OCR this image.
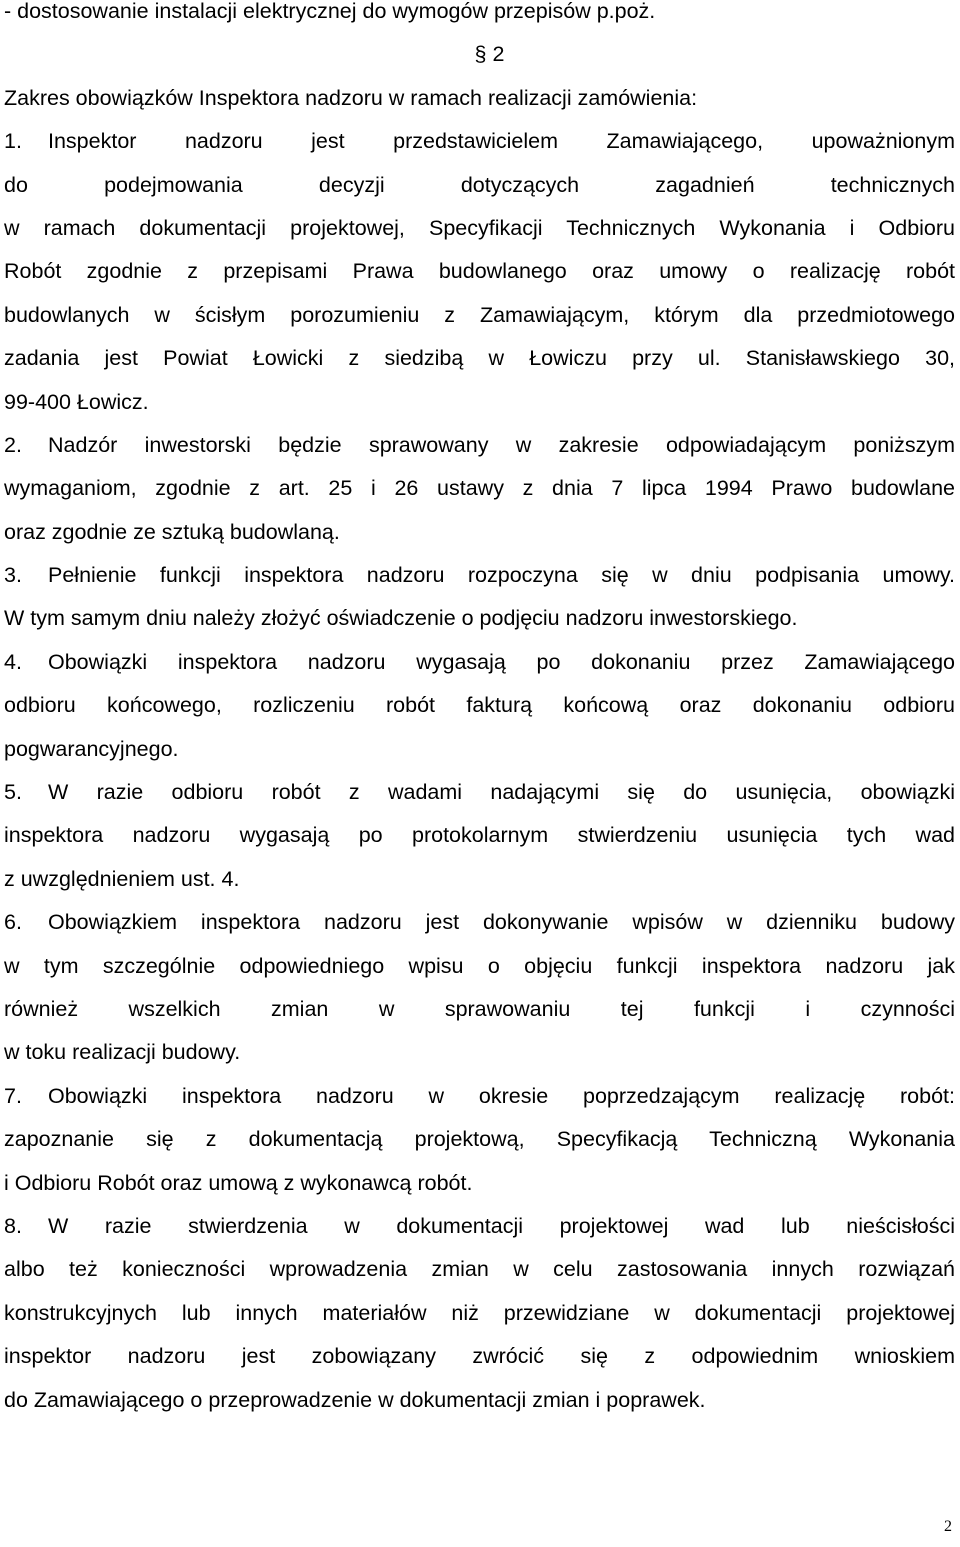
- dostosowanie instalacji elektrycznej do wymogów przepisów p.poż.
§ 2
Zakres obowiązków Inspektora nadzoru w ramach realizacji zamówienia:
1.	Inspektor nadzoru jest przedstawicielem Zamawiającego, upoważnionym
do podejmowania decyzji dotyczących zagadnień technicznych
w ramach dokumentacji projektowej, Specyfikacji Technicznych Wykonania i Odbioru
Robót zgodnie z przepisami Prawa budowlanego oraz umowy o realizację robót
budowlanych w ścisłym porozumieniu z Zamawiającym, którym dla przedmiotowego
zadania jest Powiat Łowicki z siedzibą w Łowiczu przy ul. Stanisławskiego 30,
99-400 Łowicz.
2.	Nadzór inwestorski będzie sprawowany w zakresie odpowiadającym poniższym
wymaganiom, zgodnie z art. 25 i 26 ustawy z dnia 7 lipca 1994 Prawo budowlane
oraz zgodnie ze sztuką budowlaną.
3.	Pełnienie funkcji inspektora nadzoru rozpoczyna się w dniu podpisania umowy.
W tym samym dniu należy złożyć oświadczenie o podjęciu nadzoru inwestorskiego.
4.	Obowiązki inspektora nadzoru wygasają po dokonaniu przez Zamawiającego
odbioru końcowego, rozliczeniu robót fakturą końcową oraz dokonaniu odbioru
pogwarancyjnego.
5.	W razie odbioru robót z wadami nadającymi się do usunięcia, obowiązki
inspektora nadzoru wygasają po protokolarnym stwierdzeniu usunięcia tych wad
z uwzględnieniem ust. 4.
6.	Obowiązkiem inspektora nadzoru jest dokonywanie wpisów w dzienniku budowy
w tym szczególnie odpowiedniego wpisu o objęciu funkcji inspektora nadzoru jak
również wszelkich zmian w sprawowaniu tej funkcji i czynności
w toku realizacji budowy.
7.	Obowiązki inspektora nadzoru w okresie poprzedzającym realizację robót:
zapoznanie się z dokumentacją projektową, Specyfikacją Techniczną Wykonania
i Odbioru Robót oraz umową z wykonawcą robót.
8.	W razie stwierdzenia w dokumentacji projektowej wad lub nieścisłości
albo też konieczności wprowadzenia zmian w celu zastosowania innych rozwiązań
konstrukcyjnych lub innych materiałów niż przewidziane w dokumentacji projektowej
inspektor nadzoru jest zobowiązany zwrócić się z odpowiednim wnioskiem
do Zamawiającego o przeprowadzenie w dokumentacji zmian i poprawek.
2
